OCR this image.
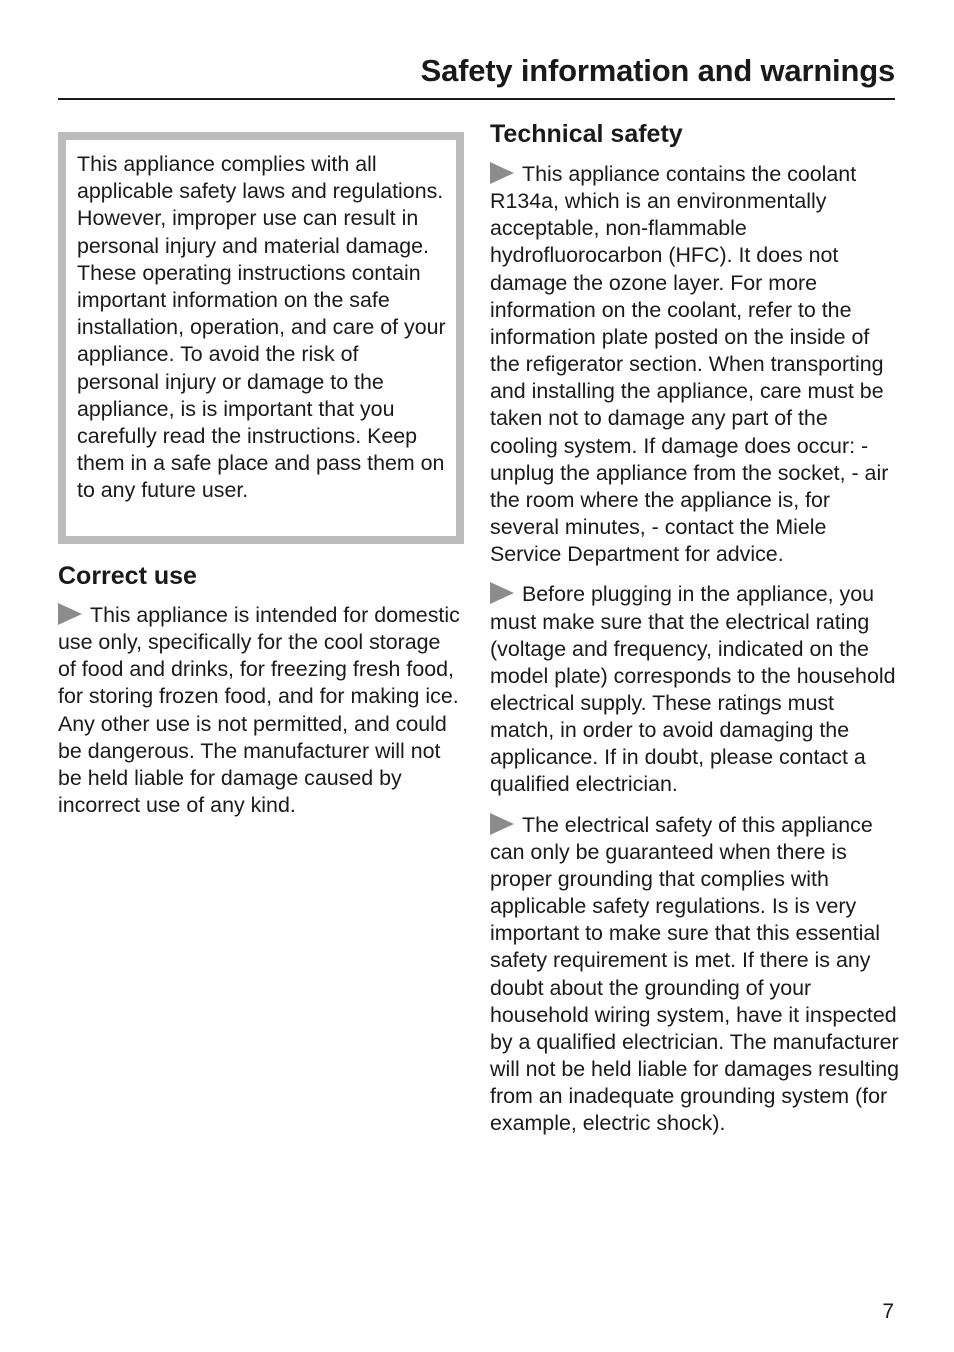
Safety information and warnings

This appliance complies with all applicable safety laws and regulations. However, improper use can result in personal injury and material damage. These operating instructions contain important information on the safe installation, operation, and care of your appliance. To avoid the risk of personal injury or damage to the appliance, is is important that you carefully read the instructions. Keep them in a safe place and pass them on to any future user.

Correct use

This appliance is intended for domestic use only, specifically for the cool storage of food and drinks, for freezing fresh food, for storing frozen food, and for making ice. Any other use is not permitted, and could be dangerous. The manufacturer will not be held liable for damage caused by incorrect use of any kind.

Technical safety

This appliance contains the coolant R134a, which is an environmentally acceptable, non-flammable hydrofluorocarbon (HFC). It does not damage the ozone layer. For more information on the coolant, refer to the information plate posted on the inside of the refigerator section. When transporting and installing the appliance, care must be taken not to damage any part of the cooling system. If damage does occur: - unplug the appliance from the socket, - air the room where the appliance is, for several minutes, - contact the Miele Service Department for advice.

Before plugging in the appliance, you must make sure that the electrical rating (voltage and frequency, indicated on the model plate) corresponds to the household electrical supply. These ratings must match, in order to avoid damaging the applicance. If in doubt, please contact a qualified electrician.

The electrical safety of this appliance can only be guaranteed when there is proper grounding that complies with applicable safety regulations. Is is very important to make sure that this essential safety requirement is met. If there is any doubt about the grounding of your household wiring system, have it inspected by a qualified electrician. The manufacturer will not be held liable for damages resulting from an inadequate grounding system (for example, electric shock).

7
